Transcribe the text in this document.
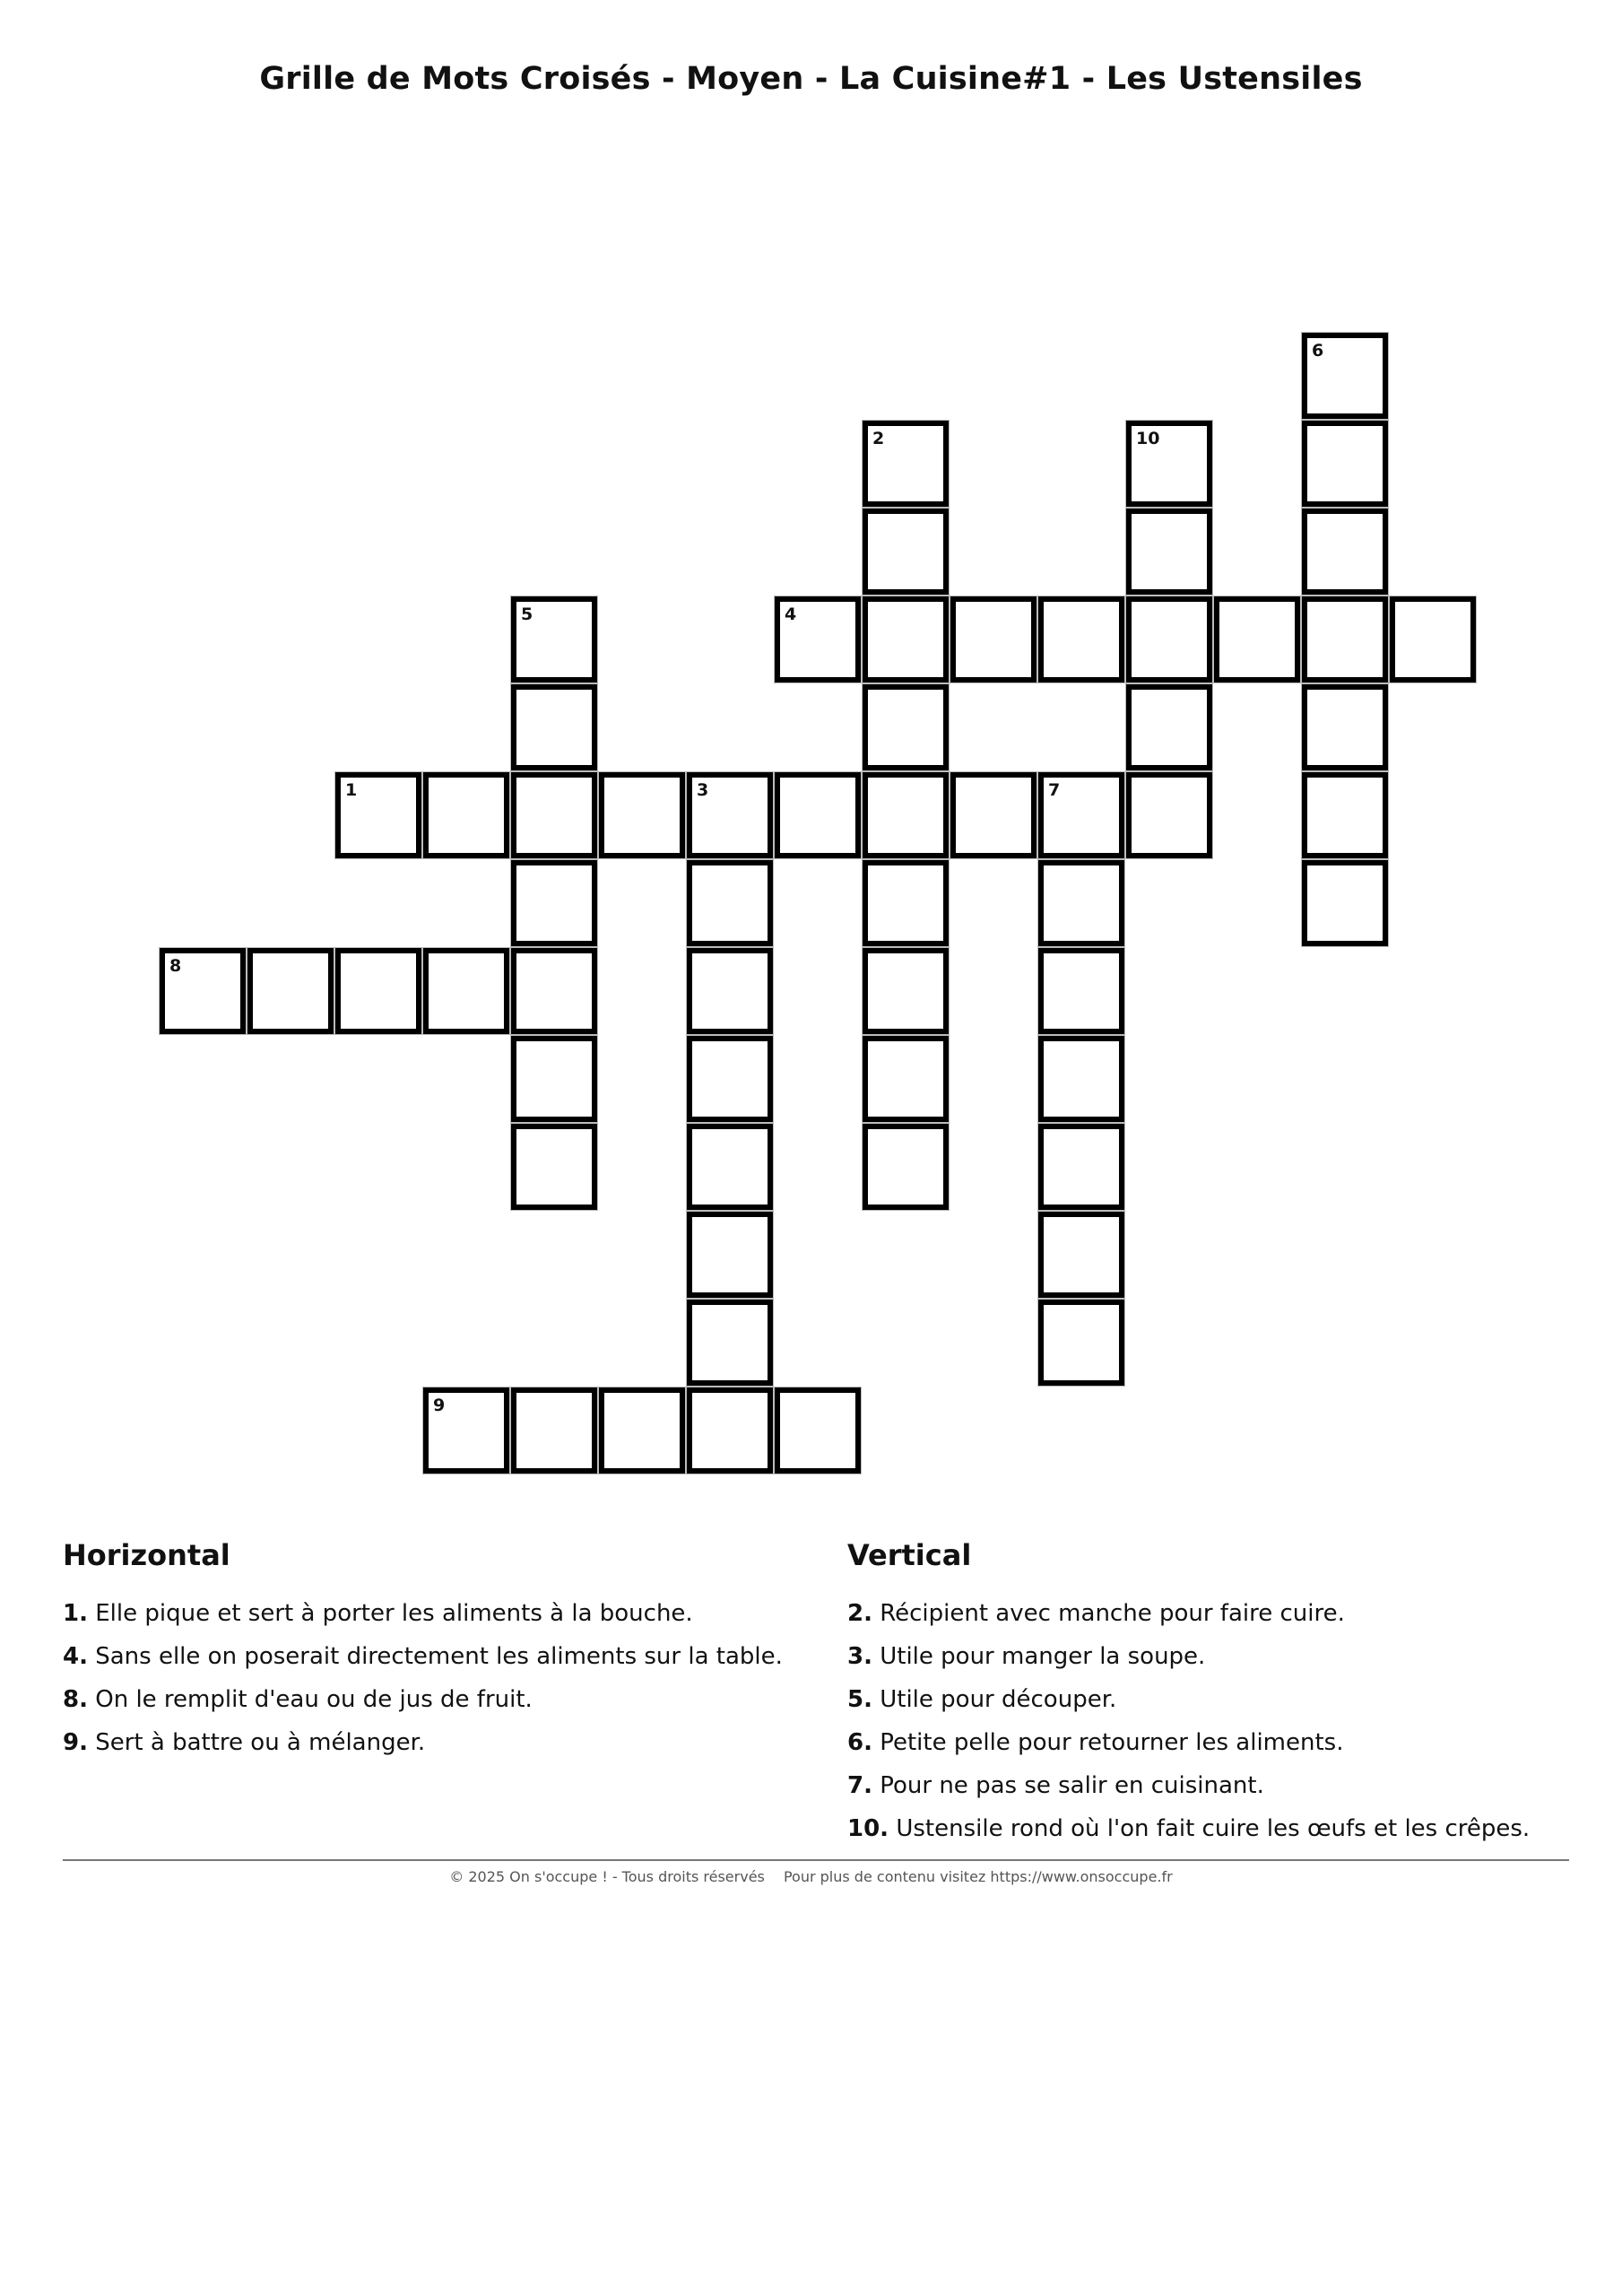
Grille de Mots Croisés - Moyen - La Cuisine#1 - Les Ustensiles
6
2	10
5	4
1	3	7
8
9
Horizontal
1. Elle pique et sert à porter les aliments à la bouche.
4. Sans elle on poserait directement les aliments sur la table.
8. On le remplit d'eau ou de jus de fruit.
9. Sert à battre ou à mélanger.
Vertical
2. Récipient avec manche pour faire cuire.
3. Utile pour manger la soupe.
5. Utile pour découper.
6. Petite pelle pour retourner les aliments.
7. Pour ne pas se salir en cuisinant.
10. Ustensile rond où l'on fait cuire les œufs et les crêpes.
© 2025 On s'occupe ! - Tous droits réservés Pour plus de contenu visitez https://www.onsoccupe.fr
